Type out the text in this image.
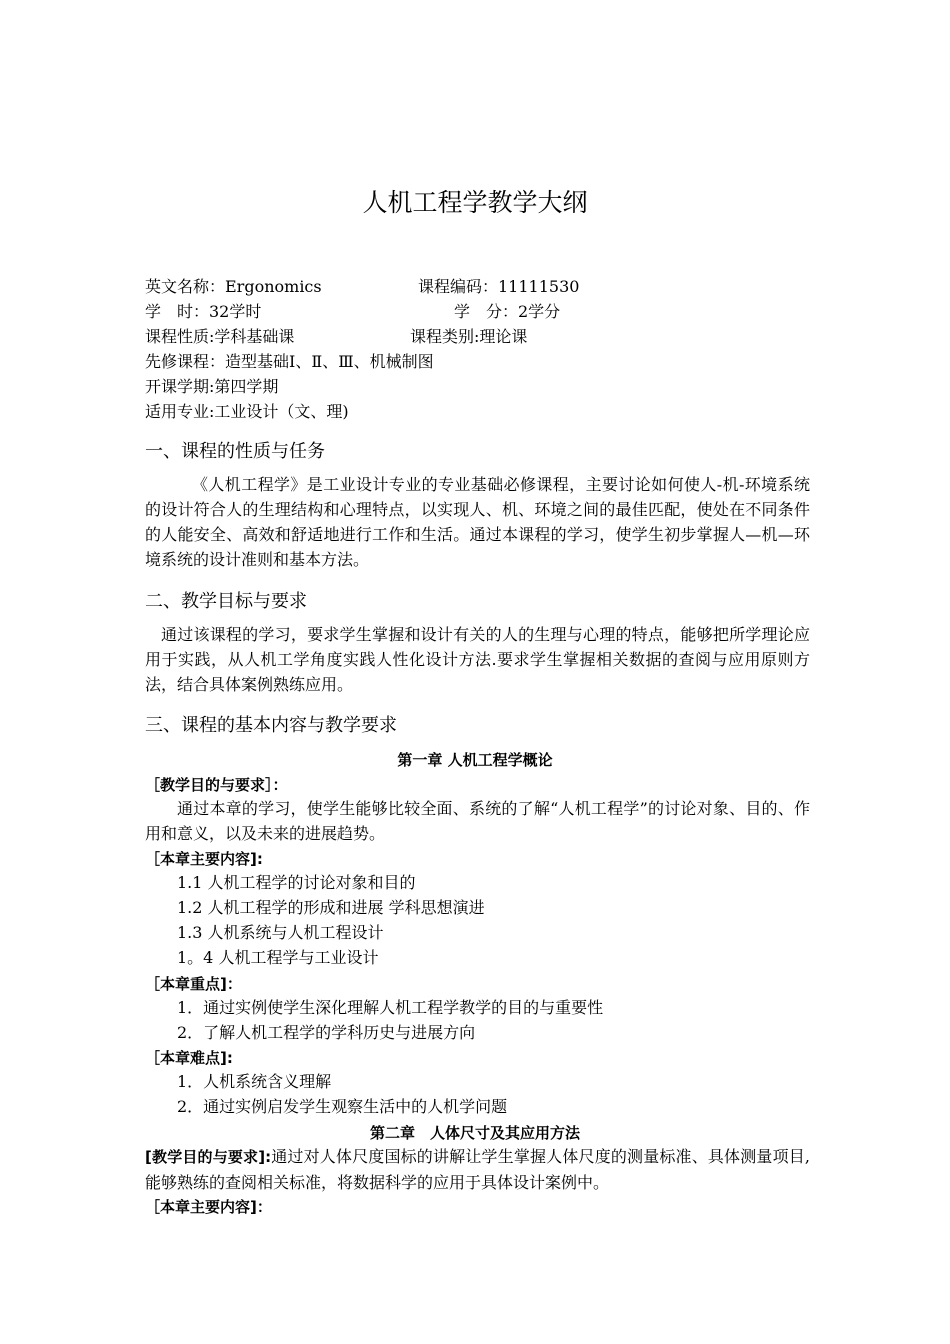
人机工程学教学大纲
英文名称：Ergonomics	课程编码：11111530
学　时：32学时	学　分：2学分
课程性质:学科基础课	课程类别:理论课
先修课程：造型基础Ⅰ、Ⅱ、Ⅲ、机械制图
开课学期:第四学期
适用专业:工业设计（文、理)
一、课程的性质与任务
《人机工程学》是工业设计专业的专业基础必修课程，主要讨论如何使人-机-环境系统的设计符合人的生理结构和心理特点，以实现人、机、环境之间的最佳匹配，使处在不同条件的人能安全、高效和舒适地进行工作和生活。通过本课程的学习，使学生初步掌握人—机—环境系统的设计准则和基本方法。
二、教学目标与要求
通过该课程的学习，要求学生掌握和设计有关的人的生理与心理的特点，能够把所学理论应用于实践，从人机工学角度实践人性化设计方法.要求学生掌握相关数据的查阅与应用原则方法，结合具体案例熟练应用。
三、课程的基本内容与教学要求
第一章 人机工程学概论
［教学目的与要求］：
通过本章的学习，使学生能够比较全面、系统的了解“人机工程学”的讨论对象、目的、作用和意义，以及未来的进展趋势。
［本章主要内容]:
1.1 人机工程学的讨论对象和目的
1.2 人机工程学的形成和进展 学科思想演进
1.3 人机系统与人机工程设计
1。4 人机工程学与工业设计
［本章重点]：
1．通过实例使学生深化理解人机工程学教学的目的与重要性
2．了解人机工程学的学科历史与进展方向
［本章难点]:
1．人机系统含义理解
2．通过实例启发学生观察生活中的人机学问题
第二章　人体尺寸及其应用方法
[教学目的与要求]:通过对人体尺度国标的讲解让学生掌握人体尺度的测量标准、具体测量项目,能够熟练的查阅相关标准，将数据科学的应用于具体设计案例中。
［本章主要内容]：
